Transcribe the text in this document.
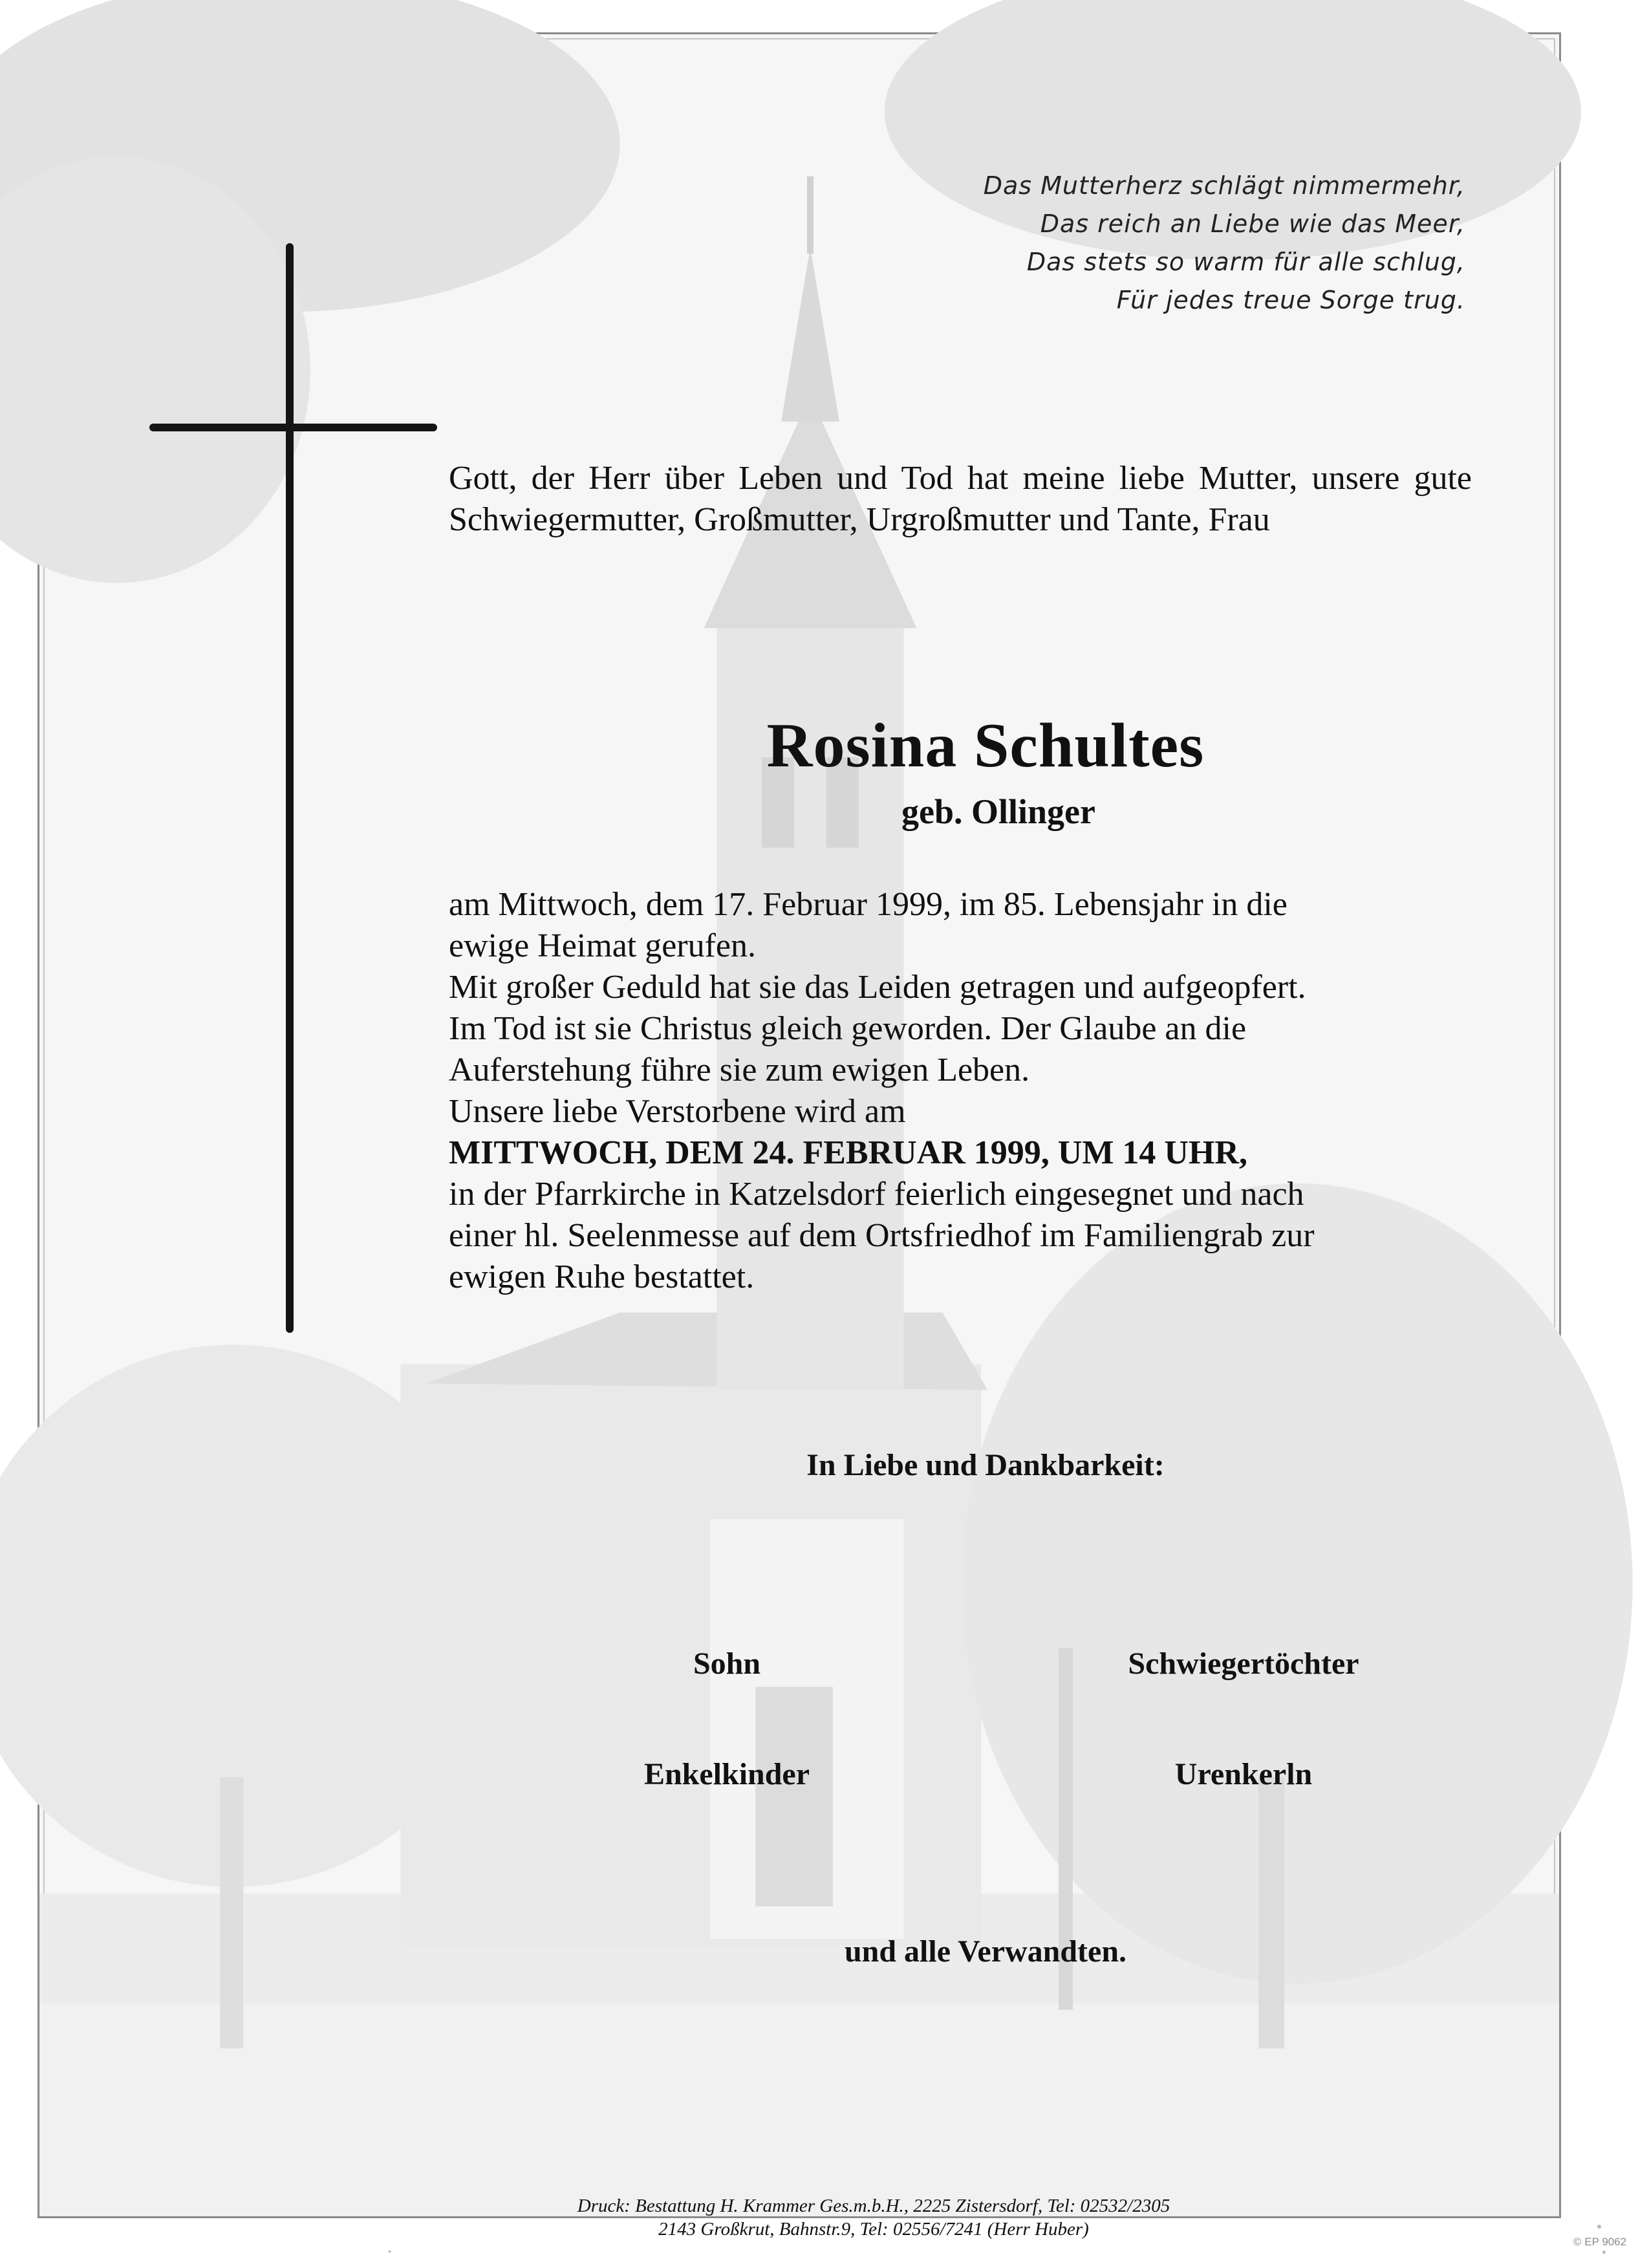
Das Mutterherz schlägt nimmermehr,
Das reich an Liebe wie das Meer,
Das stets so warm für alle schlug,
Für jedes treue Sorge trug.
Gott, der Herr über Leben und Tod hat meine liebe Mutter, unsere gute Schwiegermutter, Großmutter, Urgroßmutter und Tante, Frau
Rosina Schultes
geb. Ollinger
am Mittwoch, dem 17. Februar 1999, im 85. Lebensjahr in die
ewige Heimat gerufen.
Mit großer Geduld hat sie das Leiden getragen und aufgeopfert.
Im Tod ist sie Christus gleich geworden. Der Glaube an die
Auferstehung führe sie zum ewigen Leben.
Unsere liebe Verstorbene wird am
MITTWOCH, DEM 24. FEBRUAR 1999, UM 14 UHR,
in der Pfarrkirche in Katzelsdorf feierlich eingesegnet und nach
einer hl. Seelenmesse auf dem Ortsfriedhof im Familiengrab zur
ewigen Ruhe bestattet.
In Liebe und Dankbarkeit:
Sohn	Schwiegertöchter
Enkelkinder	Urenkerln
und alle Verwandten.
Druck: Bestattung H. Krammer Ges.m.b.H., 2225 Zistersdorf, Tel: 02532/2305
2143 Großkrut, Bahnstr.9, Tel: 02556/7241 (Herr Huber)
© EP 9062
